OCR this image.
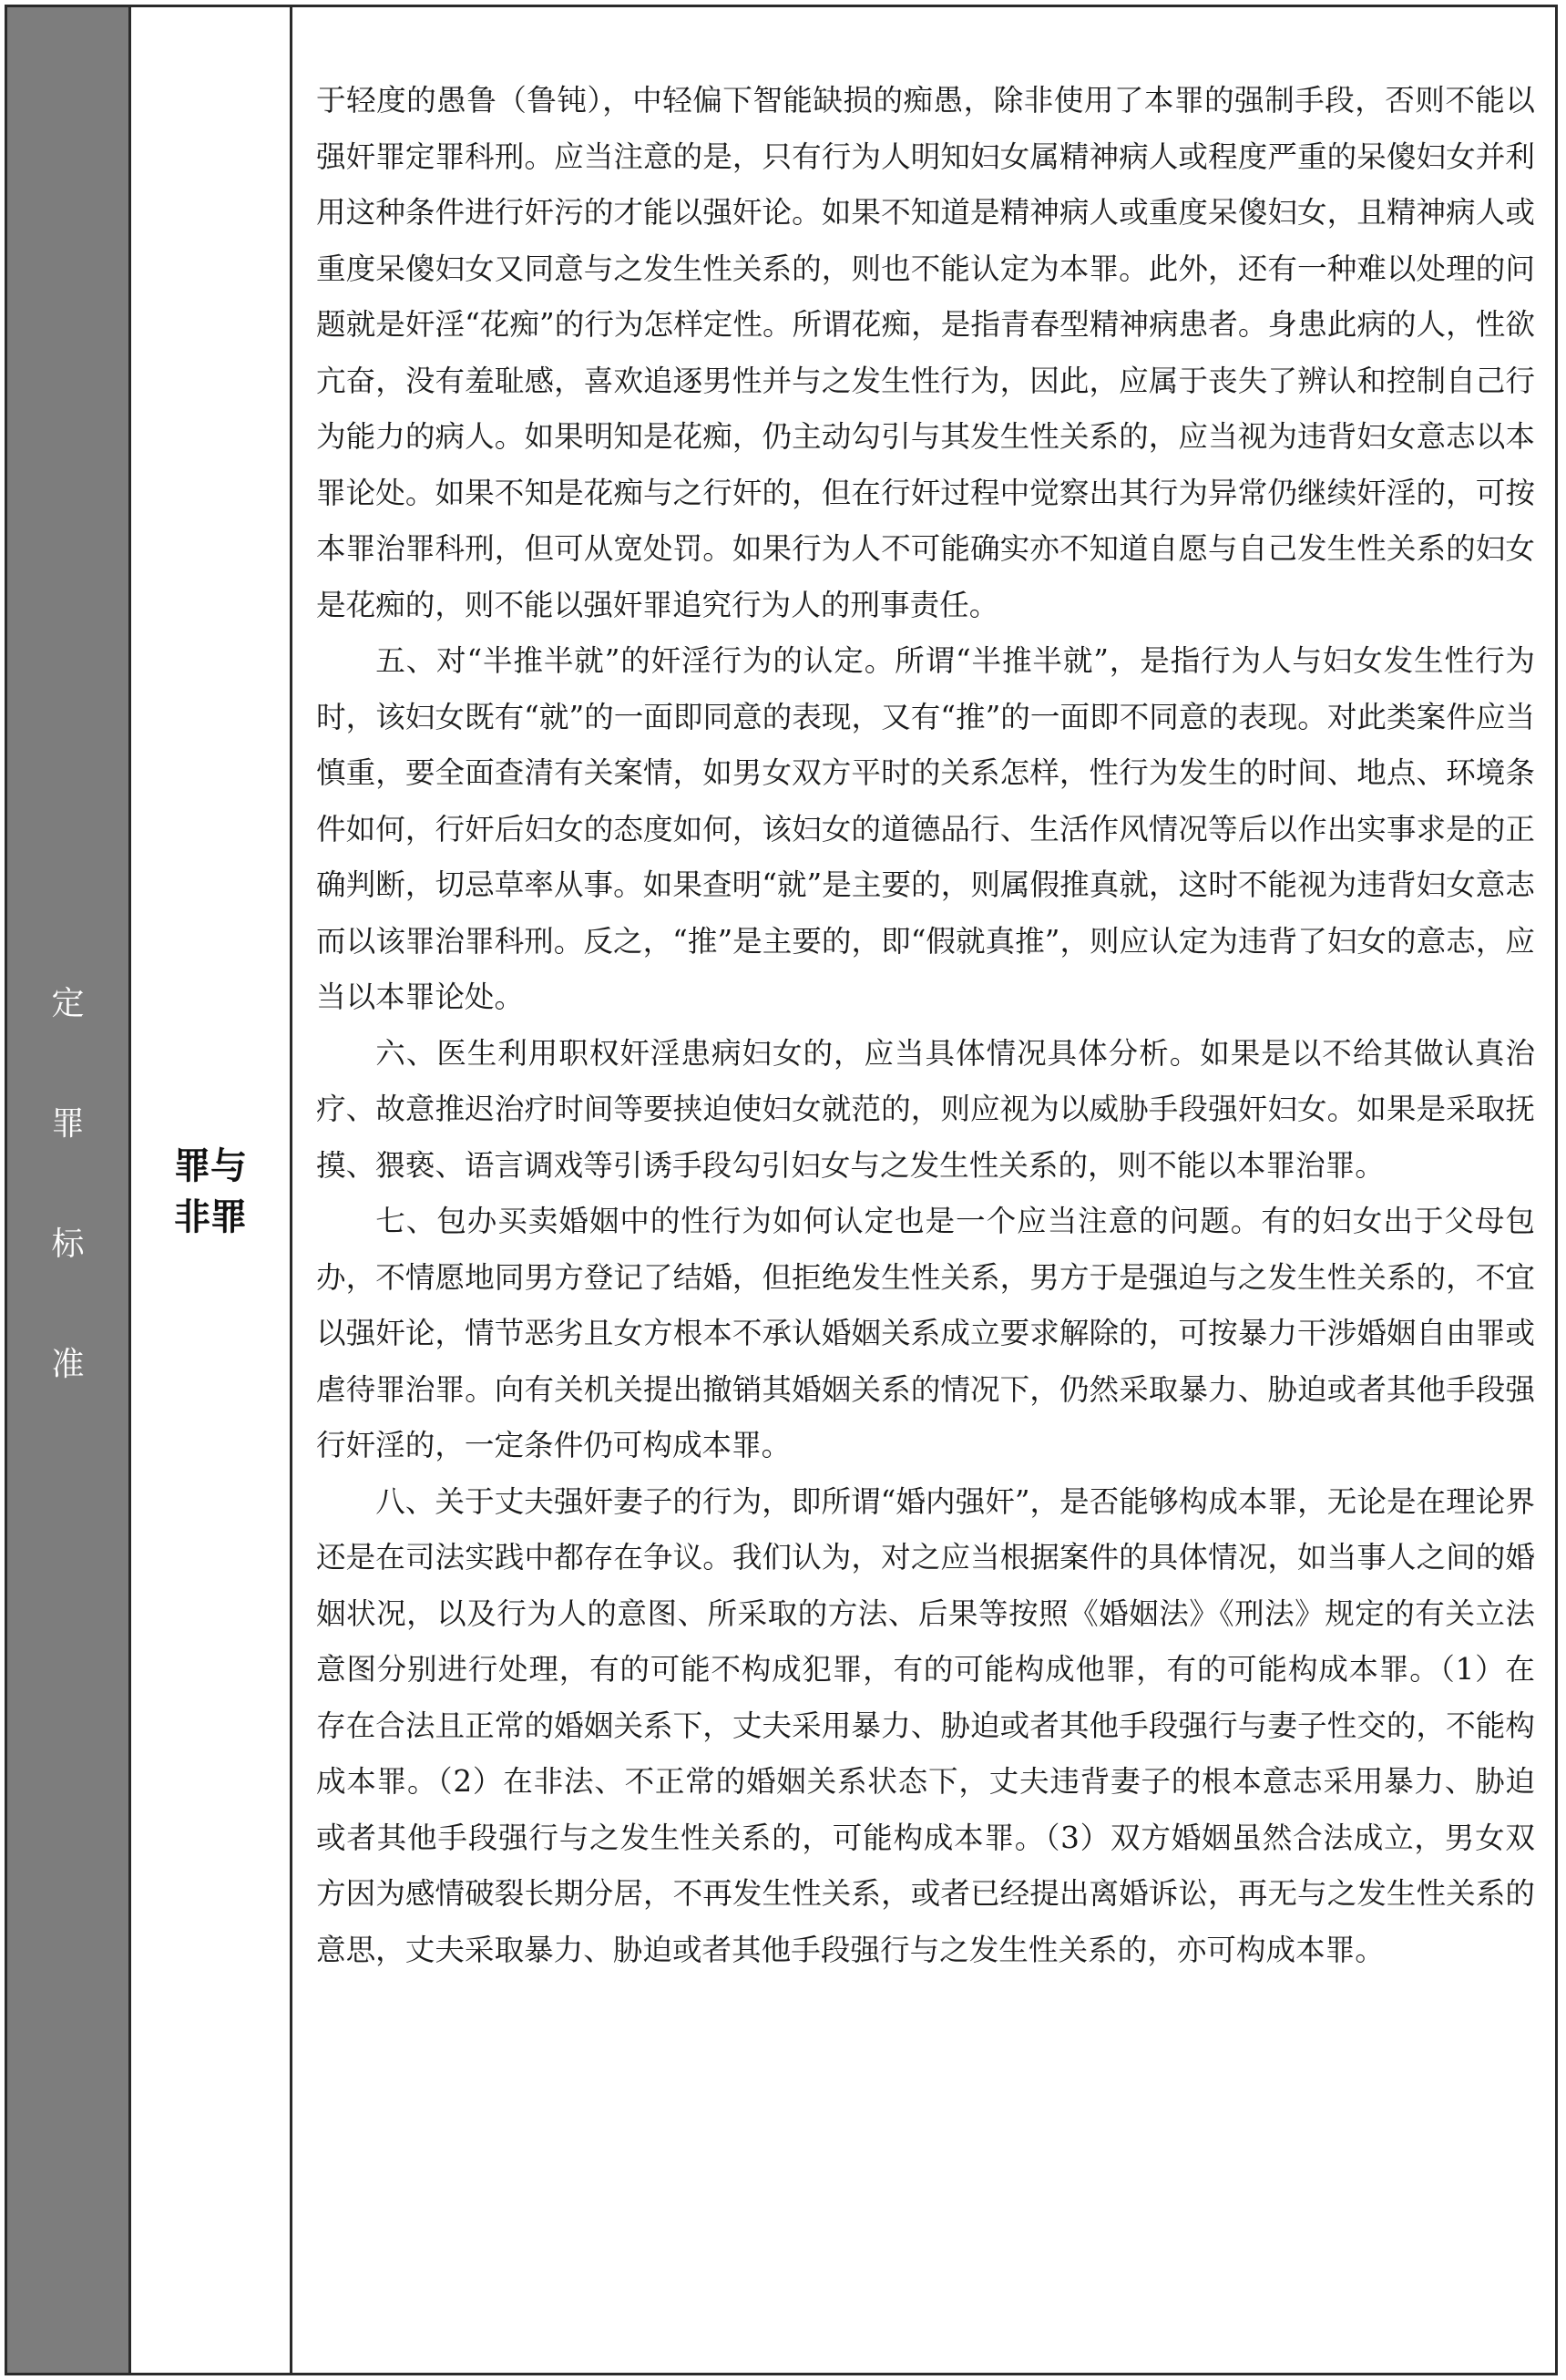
定
罪
标
准
罪与
非罪

于轻度的愚鲁（鲁钝），中轻偏下智能缺损的痴愚，除非使用了本罪的强制手段，否则不能以强奸罪定罪科刑。应当注意的是，只有行为人明知妇女属精神病人或程度严重的呆傻妇女并利用这种条件进行奸污的才能以强奸论。如果不知道是精神病人或重度呆傻妇女，且精神病人或重度呆傻妇女又同意与之发生性关系的，则也不能认定为本罪。此外，还有一种难以处理的问题就是奸淫“花痴”的行为怎样定性。所谓花痴，是指青春型精神病患者。身患此病的人，性欲亢奋，没有羞耻感，喜欢追逐男性并与之发生性行为，因此，应属于丧失了辨认和控制自己行为能力的病人。如果明知是花痴，仍主动勾引与其发生性关系的，应当视为违背妇女意志以本罪论处。如果不知是花痴与之行奸的，但在行奸过程中觉察出其行为异常仍继续奸淫的，可按本罪治罪科刑，但可从宽处罚。如果行为人不可能确实亦不知道自愿与自己发生性关系的妇女是花痴的，则不能以强奸罪追究行为人的刑事责任。

五、对“半推半就”的奸淫行为的认定。所谓“半推半就”，是指行为人与妇女发生性行为时，该妇女既有“就”的一面即同意的表现，又有“推”的一面即不同意的表现。对此类案件应当慎重，要全面查清有关案情，如男女双方平时的关系怎样，性行为发生的时间、地点、环境条件如何，行奸后妇女的态度如何，该妇女的道德品行、生活作风情况等后以作出实事求是的正确判断，切忌草率从事。如果查明“就”是主要的，则属假推真就，这时不能视为违背妇女意志而以该罪治罪科刑。反之，“推”是主要的，即“假就真推”，则应认定为违背了妇女的意志，应当以本罪论处。

六、医生利用职权奸淫患病妇女的，应当具体情况具体分析。如果是以不给其做认真治疗、故意推迟治疗时间等要挟迫使妇女就范的，则应视为以威胁手段强奸妇女。如果是采取抚摸、猥亵、语言调戏等引诱手段勾引妇女与之发生性关系的，则不能以本罪治罪。

七、包办买卖婚姻中的性行为如何认定也是一个应当注意的问题。有的妇女出于父母包办，不情愿地同男方登记了结婚，但拒绝发生性关系，男方于是强迫与之发生性关系的，不宜以强奸论，情节恶劣且女方根本不承认婚姻关系成立要求解除的，可按暴力干涉婚姻自由罪或虐待罪治罪。向有关机关提出撤销其婚姻关系的情况下，仍然采取暴力、胁迫或者其他手段强行奸淫的，一定条件仍可构成本罪。

八、关于丈夫强奸妻子的行为，即所谓“婚内强奸”，是否能够构成本罪，无论是在理论界还是在司法实践中都存在争议。我们认为，对之应当根据案件的具体情况，如当事人之间的婚姻状况，以及行为人的意图、所采取的方法、后果等按照《婚姻法》《刑法》规定的有关立法意图分别进行处理，有的可能不构成犯罪，有的可能构成他罪，有的可能构成本罪。（1）在存在合法且正常的婚姻关系下，丈夫采用暴力、胁迫或者其他手段强行与妻子性交的，不能构成本罪。（2）在非法、不正常的婚姻关系状态下，丈夫违背妻子的根本意志采用暴力、胁迫或者其他手段强行与之发生性关系的，可能构成本罪。（3）双方婚姻虽然合法成立，男女双方因为感情破裂长期分居，不再发生性关系，或者已经提出离婚诉讼，再无与之发生性关系的意思，丈夫采取暴力、胁迫或者其他手段强行与之发生性关系的，亦可构成本罪。
